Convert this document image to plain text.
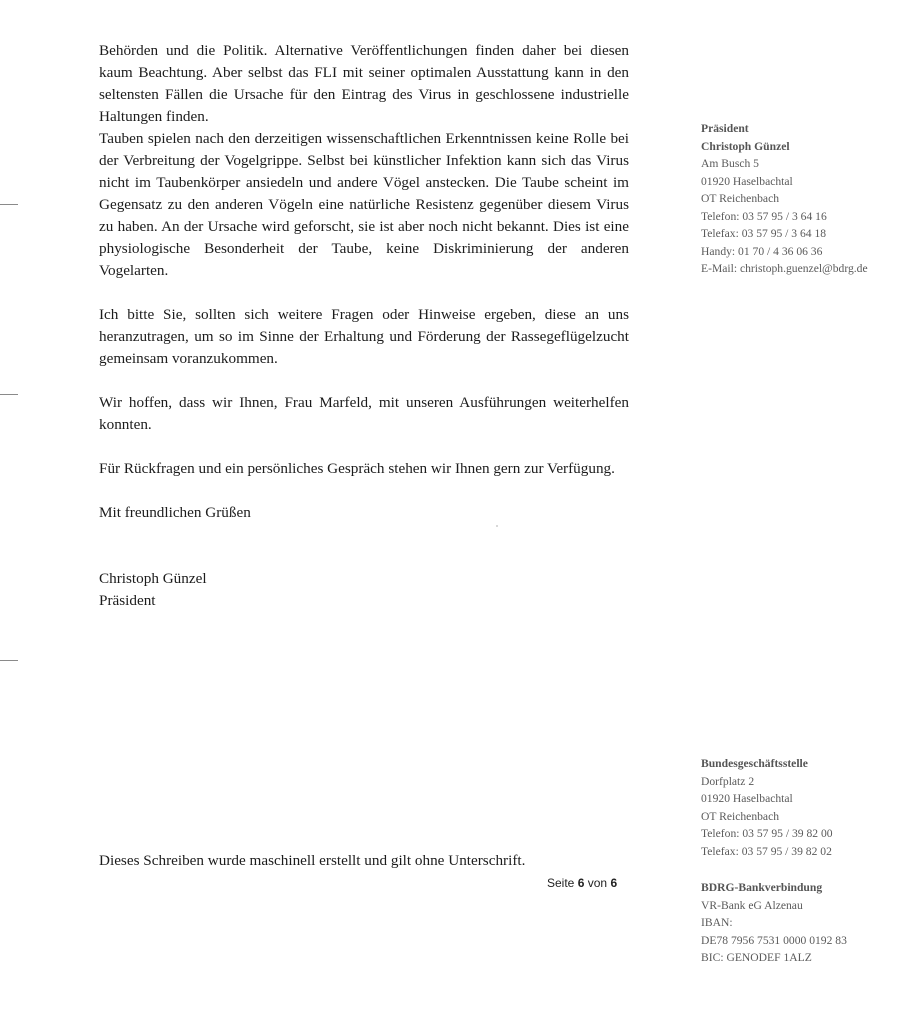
Behörden und die Politik. Alternative Veröffentlichungen finden daher bei diesen kaum Beachtung. Aber selbst das FLI mit seiner optimalen Ausstattung kann in den seltensten Fällen die Ursache für den Eintrag des Virus in geschlossene industrielle Haltungen finden.

Tauben spielen nach den derzeitigen wissenschaftlichen Erkenntnissen keine Rolle bei der Verbreitung der Vogelgrippe. Selbst bei künstlicher Infektion kann sich das Virus nicht im Taubenkörper ansiedeln und andere Vögel anstecken. Die Taube scheint im Gegensatz zu den anderen Vögeln eine natürliche Resistenz gegenüber diesem Virus zu haben. An der Ursache wird geforscht, sie ist aber noch nicht bekannt. Dies ist eine physiologische Besonderheit der Taube, keine Diskriminierung der anderen Vogelarten.

Ich bitte Sie, sollten sich weitere Fragen oder Hinweise ergeben, diese an uns heranzutragen, um so im Sinne der Erhaltung und Förderung der Rassegeflügelzucht gemeinsam voranzukommen.

Wir hoffen, dass wir Ihnen, Frau Marfeld, mit unseren Ausführungen weiterhelfen konnten.

Für Rückfragen und ein persönliches Gespräch stehen wir Ihnen gern zur Verfügung.

Mit freundlichen Grüßen

Christoph Günzel

Präsident

Dieses Schreiben wurde maschinell erstellt und gilt ohne Unterschrift.
Seite 6 von 6
Präsident
Christoph Günzel
Am Busch 5
01920 Haselbachtal
OT Reichenbach
Telefon: 03 57 95 / 3 64 16
Telefax: 03 57 95 / 3 64 18
Handy: 01 70 / 4 36 06 36
E-Mail: christoph.guenzel@bdrg.de
Bundesgeschäftsstelle
Dorfplatz 2
01920 Haselbachtal
OT Reichenbach
Telefon: 03 57 95 / 39 82 00
Telefax: 03 57 95 / 39 82 02
BDRG-Bankverbindung
VR-Bank eG Alzenau
IBAN:
DE78 7956 7531 0000 0192 83
BIC: GENODEF 1ALZ
